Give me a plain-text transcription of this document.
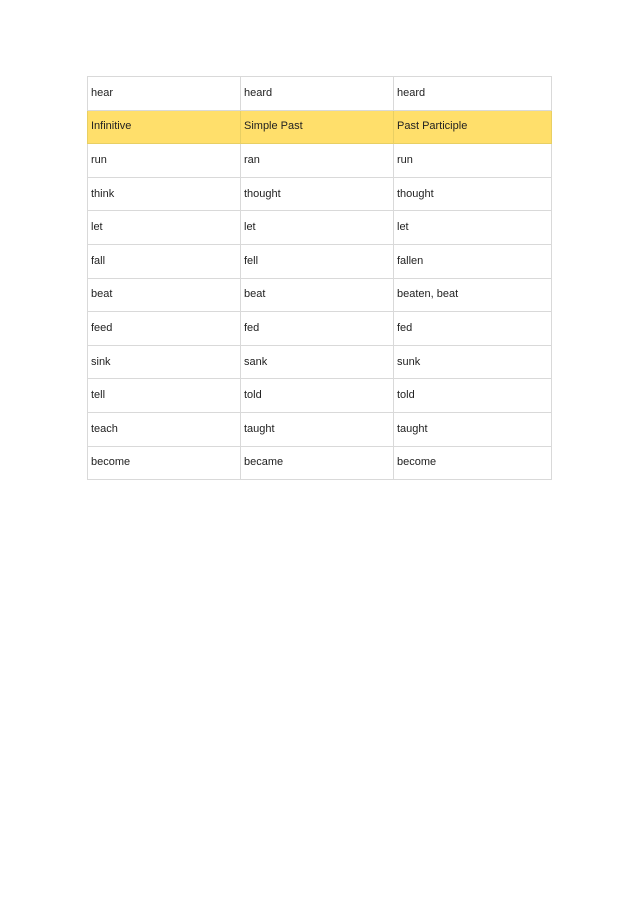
hear	heard	heard
Infinitive	Simple Past	Past Participle
run	ran	run
think	thought	thought
let	let	let
fall	fell	fallen
beat	beat	beaten, beat
feed	fed	fed
sink	sank	sunk
tell	told	told
teach	taught	taught
become	became	become
